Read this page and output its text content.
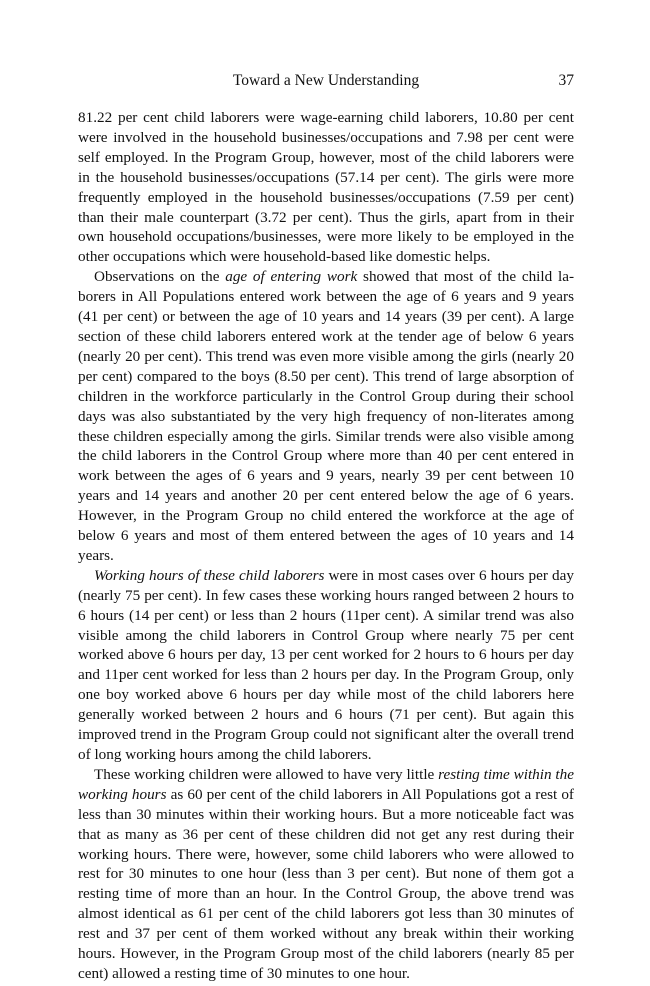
Toward a New Understanding	37

81.22 per cent child laborers were wage-earning child laborers, 10.80 per cent were involved in the household businesses/occupations and 7.98 per cent were self employed. In the Program Group, however, most of the child laborers were in the household businesses/occupations (57.14 per cent). The girls were more frequently employed in the household businesses/occupations (7.59 per cent) than their male counterpart (3.72 per cent). Thus the girls, apart from in their own household occupations/businesses, were more likely to be employed in the other occupations which were household-based like domestic helps.

Observations on the age of entering work showed that most of the child laborers in All Populations entered work between the age of 6 years and 9 years (41 per cent) or between the age of 10 years and 14 years (39 per cent). A large section of these child laborers entered work at the tender age of below 6 years (nearly 20 per cent). This trend was even more visible among the girls (nearly 20 per cent) compared to the boys (8.50 per cent). This trend of large absorption of children in the workforce particularly in the Control Group during their school days was also substantiated by the very high frequency of non-literates among these children especially among the girls. Similar trends were also visible among the child laborers in the Control Group where more than 40 per cent entered in work between the ages of 6 years and 9 years, nearly 39 per cent between 10 years and 14 years and another 20 per cent entered below the age of 6 years. However, in the Program Group no child entered the workforce at the age of below 6 years and most of them entered between the ages of 10 years and 14 years.

Working hours of these child laborers were in most cases over 6 hours per day (nearly 75 per cent). In few cases these working hours ranged between 2 hours to 6 hours (14 per cent) or less than 2 hours (11per cent). A similar trend was also visible among the child laborers in Control Group where nearly 75 per cent worked above 6 hours per day, 13 per cent worked for 2 hours to 6 hours per day and 11per cent worked for less than 2 hours per day. In the Program Group, only one boy worked above 6 hours per day while most of the child laborers here generally worked between 2 hours and 6 hours (71 per cent). But again this improved trend in the Program Group could not significant alter the overall trend of long working hours among the child laborers.

These working children were allowed to have very little resting time within the working hours as 60 per cent of the child laborers in All Populations got a rest of less than 30 minutes within their working hours. But a more noticeable fact was that as many as 36 per cent of these children did not get any rest during their working hours. There were, however, some child laborers who were allowed to rest for 30 minutes to one hour (less than 3 per cent). But none of them got a resting time of more than an hour. In the Control Group, the above trend was almost identical as 61 per cent of the child laborers got less than 30 minutes of rest and 37 per cent of them worked without any break within their working hours. However, in the Program Group most of the child laborers (nearly 85 per cent) allowed a resting time of 30 minutes to one hour.
